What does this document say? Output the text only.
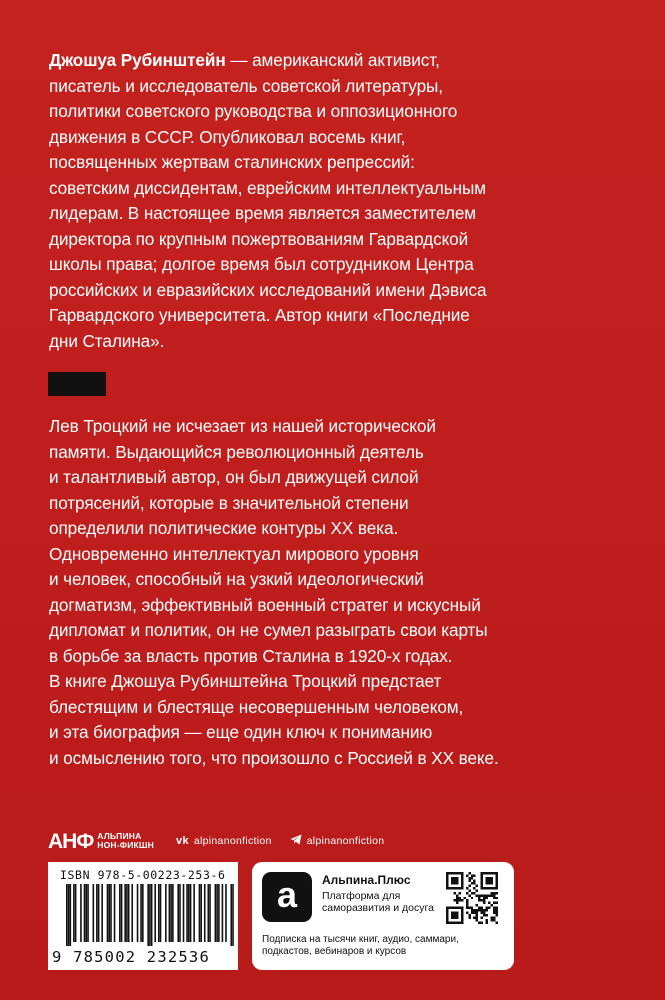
Джошуа Рубинштейн — американский активист,
писатель и исследователь советской литературы,
политики советского руководства и оппозиционного
движения в СССР. Опубликовал восемь книг,
посвященных жертвам сталинских репрессий:
советским диссидентам, еврейским интеллектуальным
лидерам. В настоящее время является заместителем
директора по крупным пожертвованиям Гарвардской
школы права; долгое время был сотрудником Центра
российских и евразийских исследований имени Дэвиса
Гарвардского университета. Автор книги «Последние
дни Сталина».
Лев Троцкий не исчезает из нашей исторической
памяти. Выдающийся революционный деятель
и талантливый автор, он был движущей силой
потрясений, которые в значительной степени
определили политические контуры XX века.
Одновременно интеллектуал мирового уровня
и человек, способный на узкий идеологический
догматизм, эффективный военный стратег и искусный
дипломат и политик, он не сумел разыграть свои карты
в борьбе за власть против Сталина в 1920-х годах.
В книге Джошуа Рубинштейна Троцкий предстает
блестящим и блестяще несовершенным человеком,
и эта биография — еще один ключ к пониманию
и осмыслению того, что произошло с Россией в XX веке.
АНФ АЛЬПИНА
НОН-ФИКШН vk alpinanonfiction	alpinanonfiction
ISBN 978-5-00223-253-6
9 785002 232536
a Альпина.Плюс
Платформа для саморазвития и досуга
Подписка на тысячи книг, аудио, саммари, подкастов, вебинаров и курсов
